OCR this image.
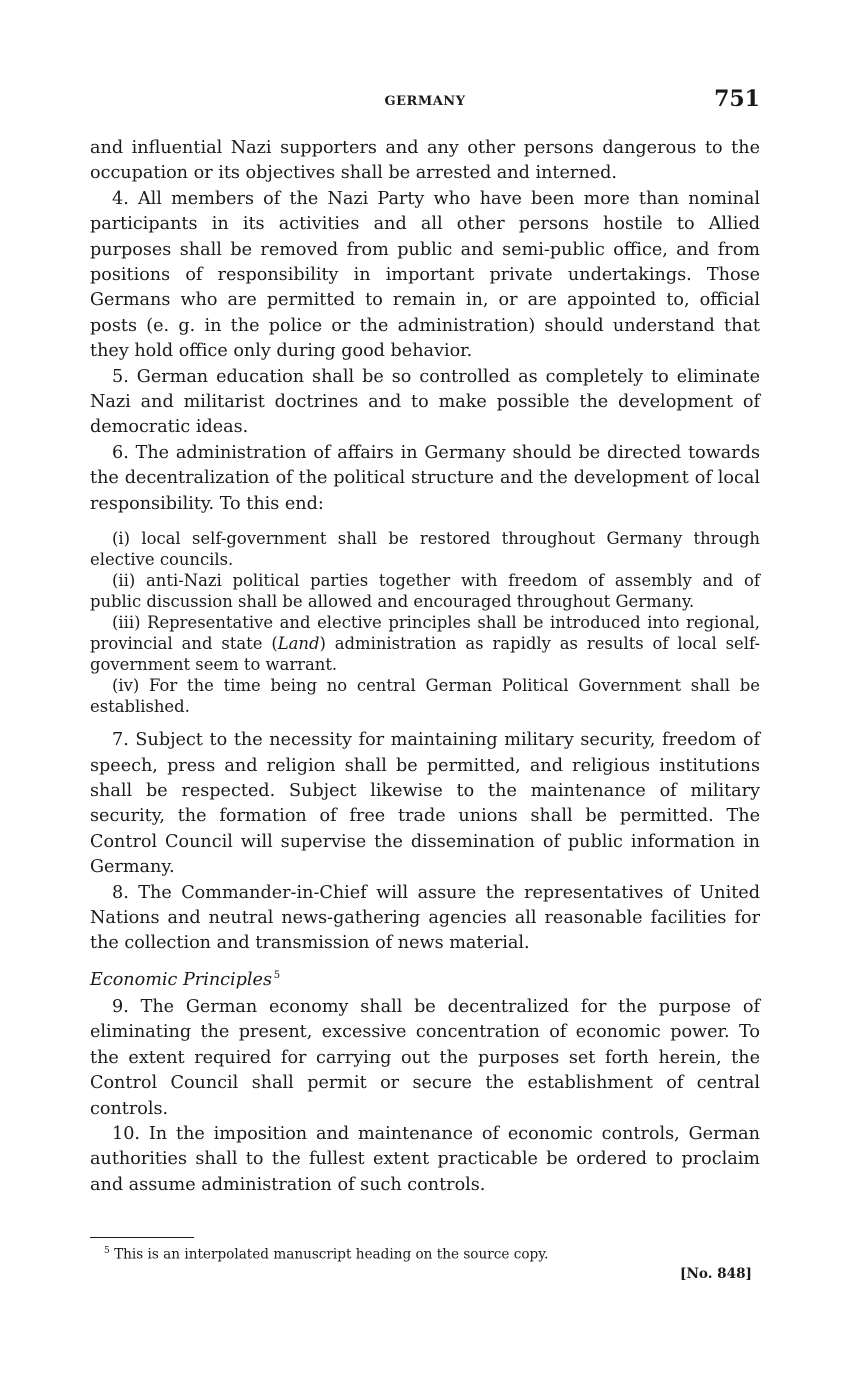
GERMANY	751

and influential Nazi supporters and any other persons dangerous to the occupation or its objectives shall be arrested and interned.

4. All members of the Nazi Party who have been more than nominal participants in its activities and all other persons hostile to Allied purposes shall be removed from public and semi-public office, and from positions of responsibility in important private undertakings. Those Germans who are permitted to remain in, or are appointed to, official posts (e. g. in the police or the administration) should understand that they hold office only during good behavior.

5. German education shall be so controlled as completely to eliminate Nazi and militarist doctrines and to make possible the development of democratic ideas.

6. The administration of affairs in Germany should be directed towards the decentralization of the political structure and the development of local responsibility. To this end:

(i) local self-government shall be restored throughout Germany through elective councils.

(ii) anti-Nazi political parties together with freedom of assembly and of public discussion shall be allowed and encouraged throughout Germany.

(iii) Representative and elective principles shall be introduced into regional, provincial and state (Land) administration as rapidly as results of local self-government seem to warrant.

(iv) For the time being no central German Political Government shall be established.

7. Subject to the necessity for maintaining military security, freedom of speech, press and religion shall be permitted, and religious institutions shall be respected. Subject likewise to the maintenance of military security, the formation of free trade unions shall be permitted. The Control Council will supervise the dissemination of public information in Germany.

8. The Commander-in-Chief will assure the representatives of United Nations and neutral news-gathering agencies all reasonable facilities for the collection and transmission of news material.

Economic Principles  $^5$

9. The German economy shall be decentralized for the purpose of eliminating the present, excessive concentration of economic power. To the extent required for carrying out the purposes set forth herein, the Control Council shall permit or secure the establishment of central controls.

10. In the imposition and maintenance of economic controls, German authorities shall to the fullest extent practicable be ordered to proclaim and assume administration of such controls.

$^5$ This is an interpolated manuscript heading on the source copy.
[No. 848]
